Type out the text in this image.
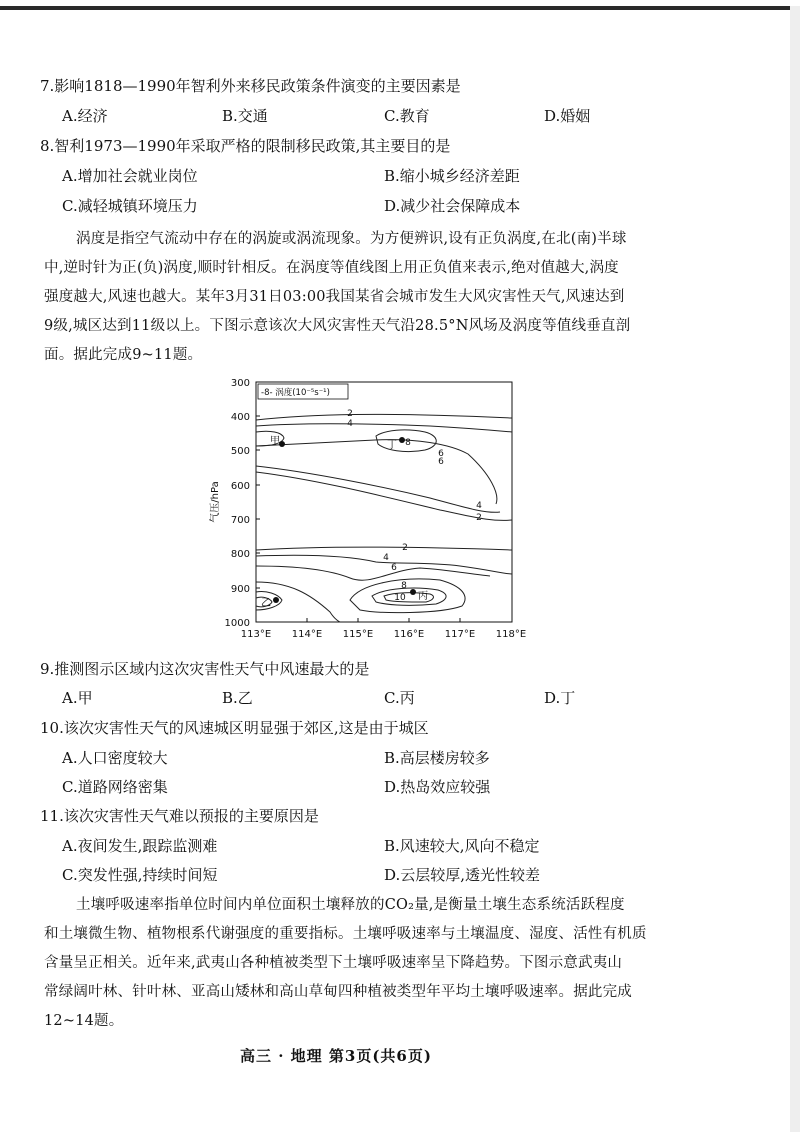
7.影响1818—1990年智利外来移民政策条件演变的主要因素是
A.经济	B.交通	C.教育	D.婚姻
8.智利1973—1990年采取严格的限制移民政策,其主要目的是
A.增加社会就业岗位	B.缩小城乡经济差距
C.减轻城镇环境压力	D.减少社会保障成本
涡度是指空气流动中存在的涡旋或涡流现象。为方便辨识,设有正负涡度,在北(南)半球
中,逆时针为正(负)涡度,顺时针相反。在涡度等值线图上用正负值来表示,绝对值越大,涡度
强度越大,风速也越大。某年3月31日03:00我国某省会城市发生大风灾害性天气,风速达到
9级,城区达到11级以上。下图示意该次大风灾害性天气沿28.5°N风场及涡度等值线垂直剖
面。据此完成9~11题。
-8- 涡度(10⁻⁵s⁻¹)
300
400
500
600
700
800
900
1000
气压/hPa
113°E 114°E 115°E 116°E 117°E 118°E
2
4
6
8
6
4
2
2
4
6
8
10
甲	丁
乙
丙
9.推测图示区域内这次灾害性天气中风速最大的是
A.甲	B.乙	C.丙	D.丁
10.该次灾害性天气的风速城区明显强于郊区,这是由于城区
A.人口密度较大	B.高层楼房较多
C.道路网络密集	D.热岛效应较强
11.该次灾害性天气难以预报的主要原因是
A.夜间发生,跟踪监测难	B.风速较大,风向不稳定
C.突发性强,持续时间短	D.云层较厚,透光性较差
土壤呼吸速率指单位时间内单位面积土壤释放的CO₂量,是衡量土壤生态系统活跃程度
和土壤微生物、植物根系代谢强度的重要指标。土壤呼吸速率与土壤温度、湿度、活性有机质
含量呈正相关。近年来,武夷山各种植被类型下土壤呼吸速率呈下降趋势。下图示意武夷山
常绿阔叶林、针叶林、亚高山矮林和高山草甸四种植被类型年平均土壤呼吸速率。据此完成
12~14题。
高三 · 地理 第3页(共6页)
